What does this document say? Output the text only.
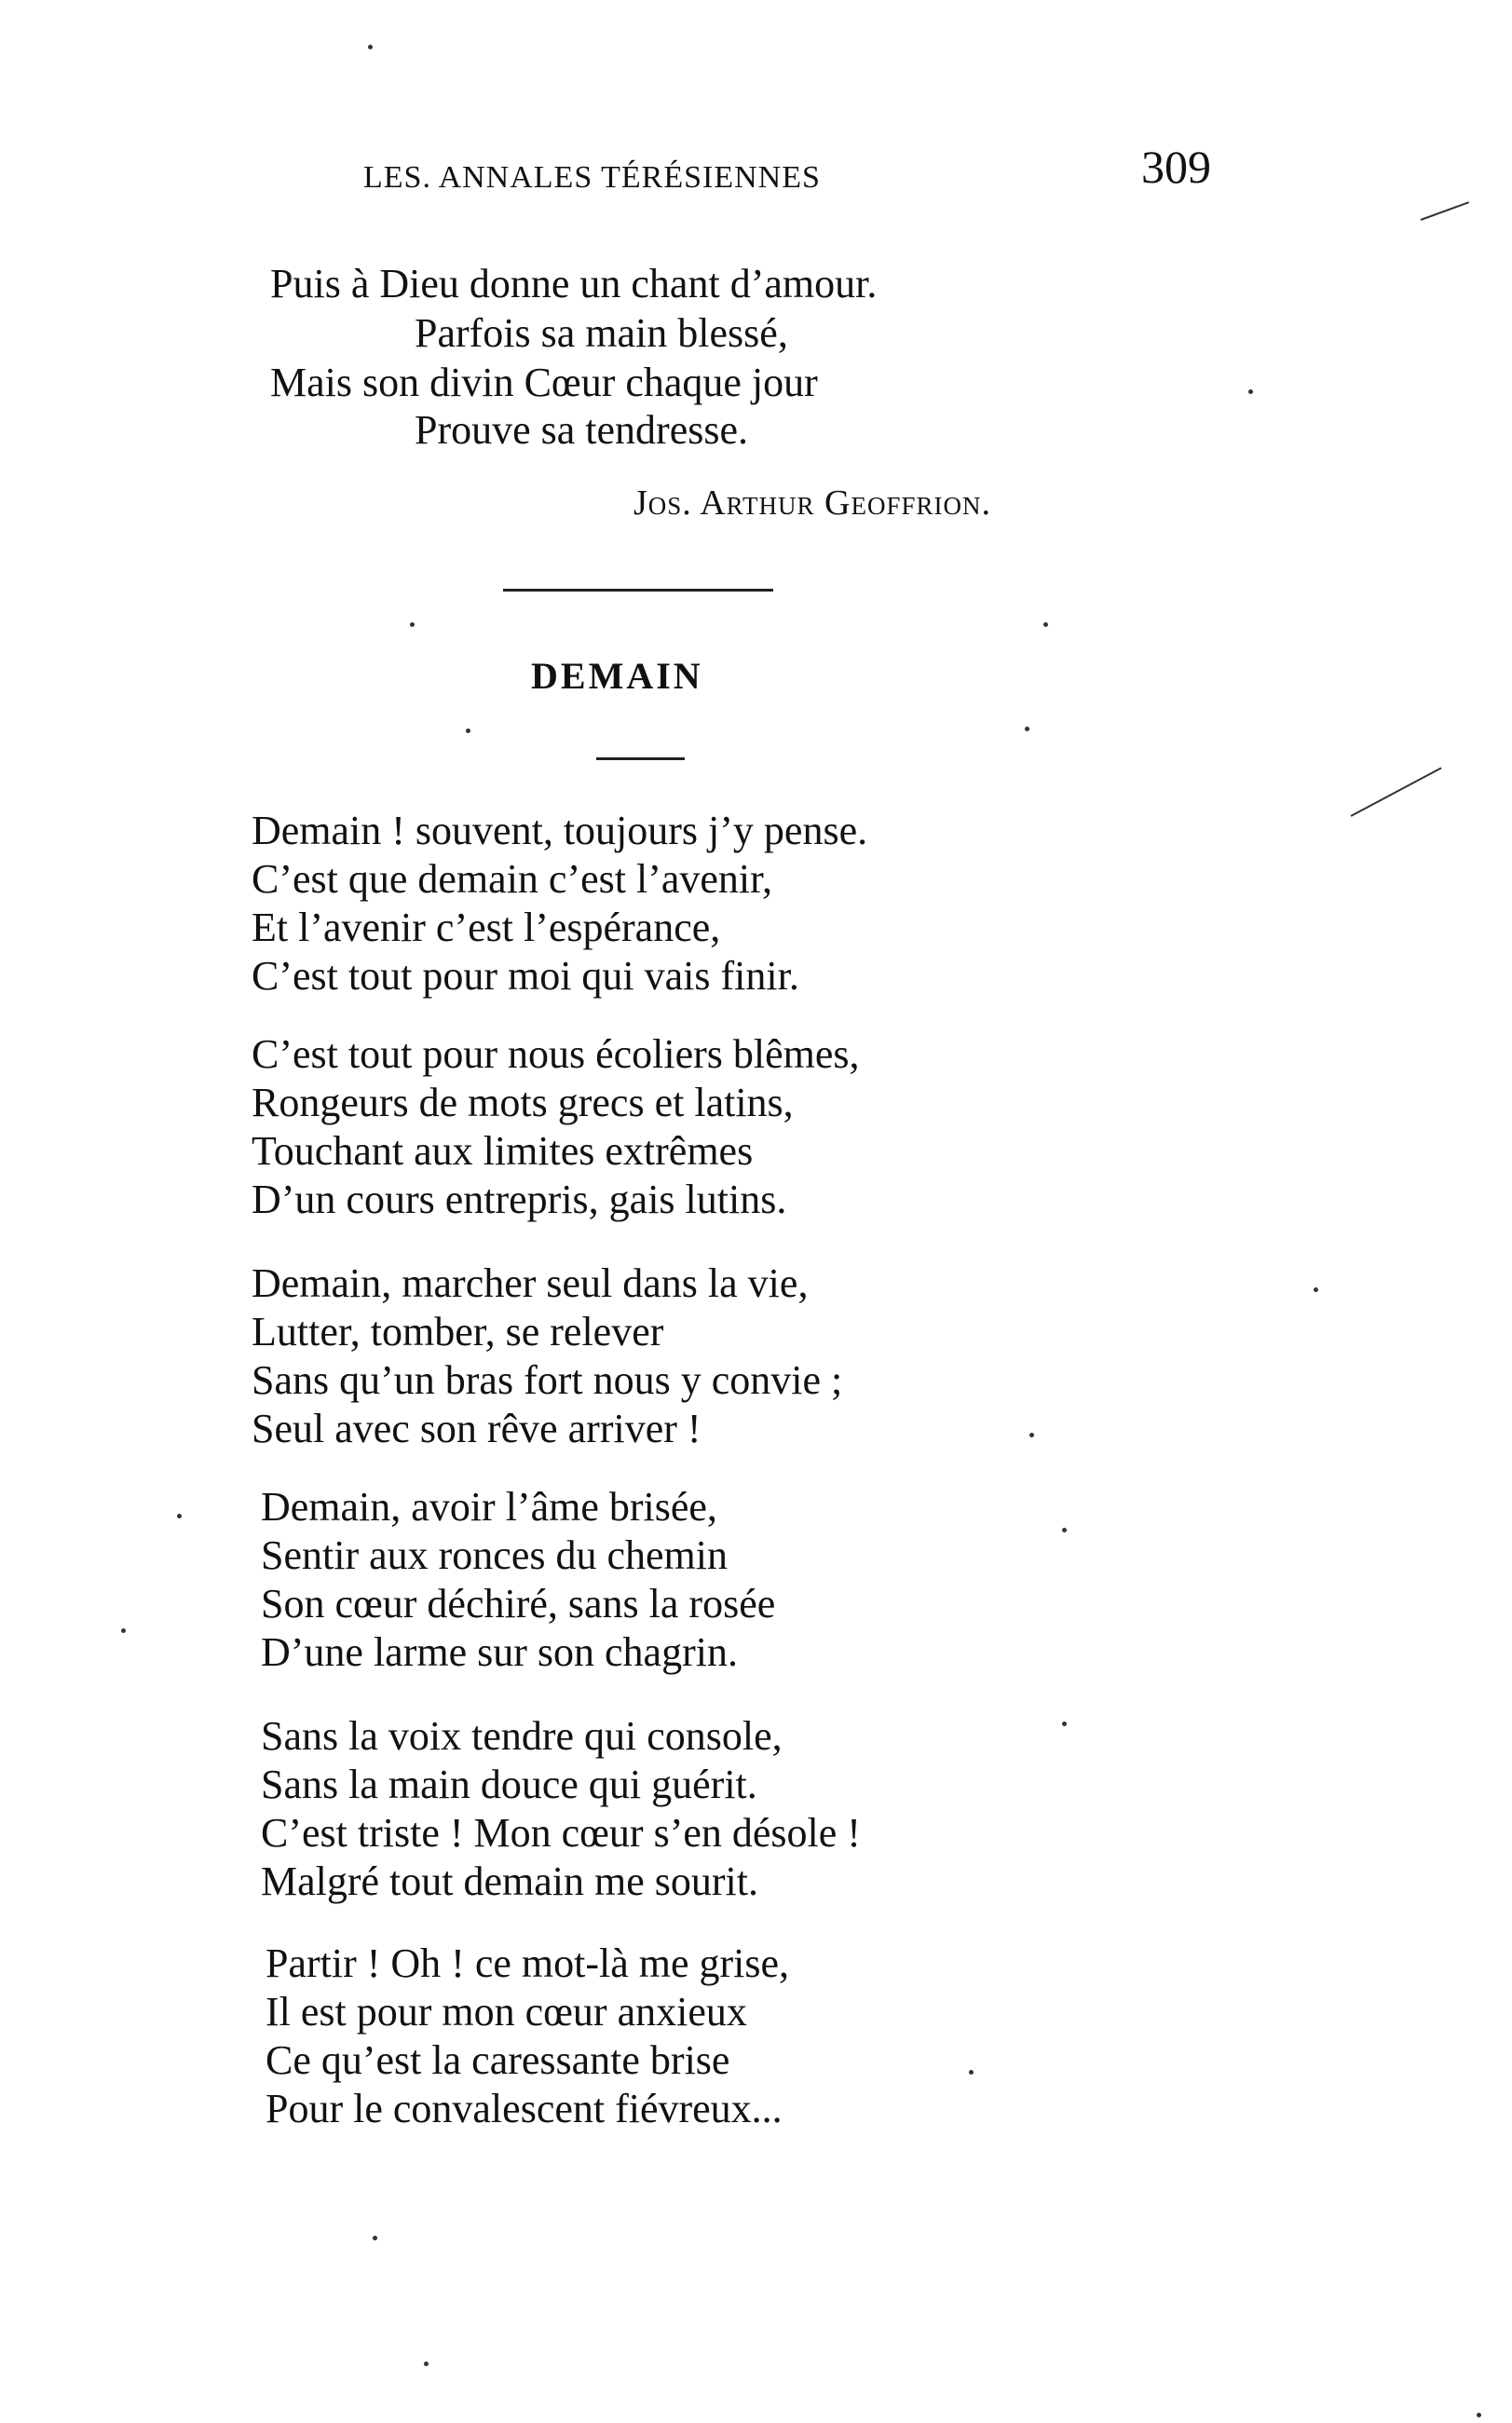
LES. ANNALES TÉRÉSIENNES	309
Puis à Dieu donne un chant d’amour.
Parfois sa main blessé,
Mais son divin Cœur chaque jour
Prouve sa tendresse.
Jos. Arthur Geoffrion.
DEMAIN
Demain ! souvent, toujours j’y pense.
C’est que demain c’est l’avenir,
Et l’avenir c’est l’espérance,
C’est tout pour moi qui vais finir.
C’est tout pour nous écoliers blêmes,
Rongeurs de mots grecs et latins,
Touchant aux limites extrêmes
D’un cours entrepris, gais lutins.
Demain, marcher seul dans la vie,
Lutter, tomber, se relever
Sans qu’un bras fort nous y convie ;
Seul avec son rêve arriver !
Demain, avoir l’âme brisée,
Sentir aux ronces du chemin
Son cœur déchiré, sans la rosée
D’une larme sur son chagrin.
Sans la voix tendre qui console,
Sans la main douce qui guérit.
C’est triste ! Mon cœur s’en désole !
Malgré tout demain me sourit.
Partir ! Oh ! ce mot-là me grise,
Il est pour mon cœur anxieux
Ce qu’est la caressante brise
Pour le convalescent fiévreux...
